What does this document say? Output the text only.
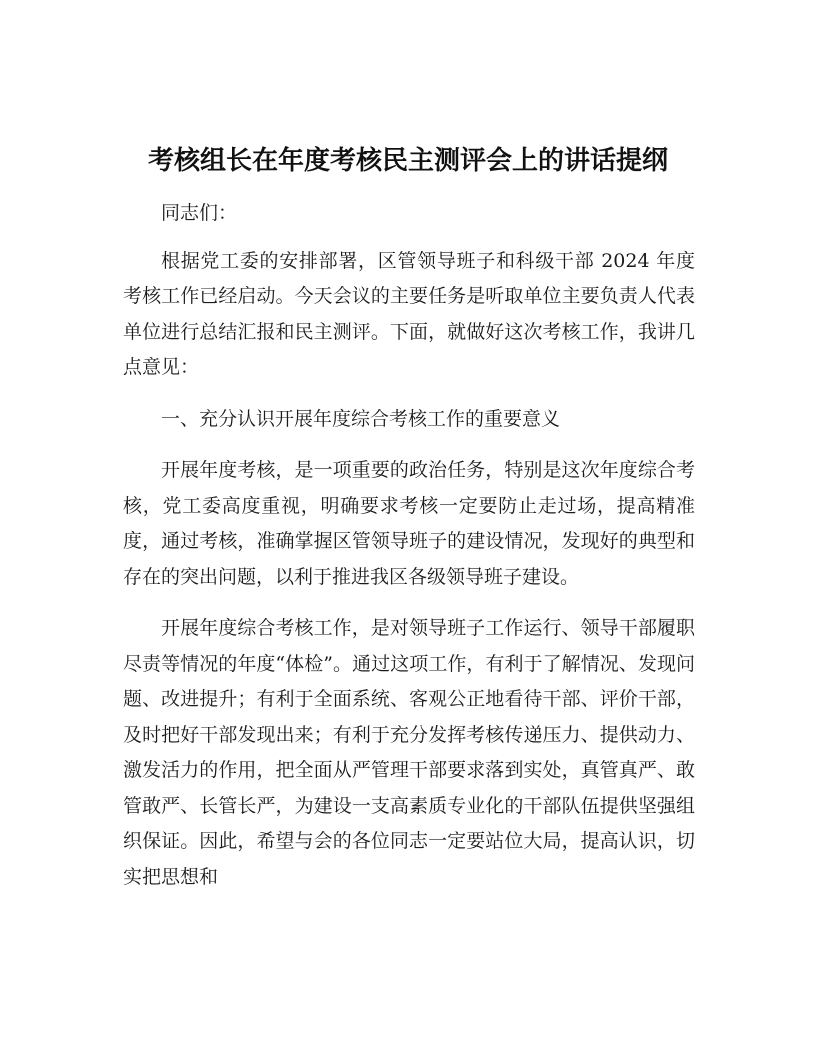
考核组长在年度考核民主测评会上的讲话提纲

同志们：

根据党工委的安排部署，区管领导班子和科级干部 2024 年度考核工作已经启动。今天会议的主要任务是听取单位主要负责人代表单位进行总结汇报和民主测评。下面，就做好这次考核工作，我讲几点意见：

一、充分认识开展年度综合考核工作的重要意义

开展年度考核，是一项重要的政治任务，特别是这次年度综合考核，党工委高度重视，明确要求考核一定要防止走过场，提高精准度，通过考核，准确掌握区管领导班子的建设情况，发现好的典型和存在的突出问题，以利于推进我区各级领导班子建设。

开展年度综合考核工作，是对领导班子工作运行、领导干部履职尽责等情况的年度“体检”。通过这项工作，有利于了解情况、发现问题、改进提升；有利于全面系统、客观公正地看待干部、评价干部，及时把好干部发现出来；有利于充分发挥考核传递压力、提供动力、激发活力的作用，把全面从严管理干部要求落到实处，真管真严、敢管敢严、长管长严，为建设一支高素质专业化的干部队伍提供坚强组织保证。因此，希望与会的各位同志一定要站位大局，提高认识，切实把思想和
